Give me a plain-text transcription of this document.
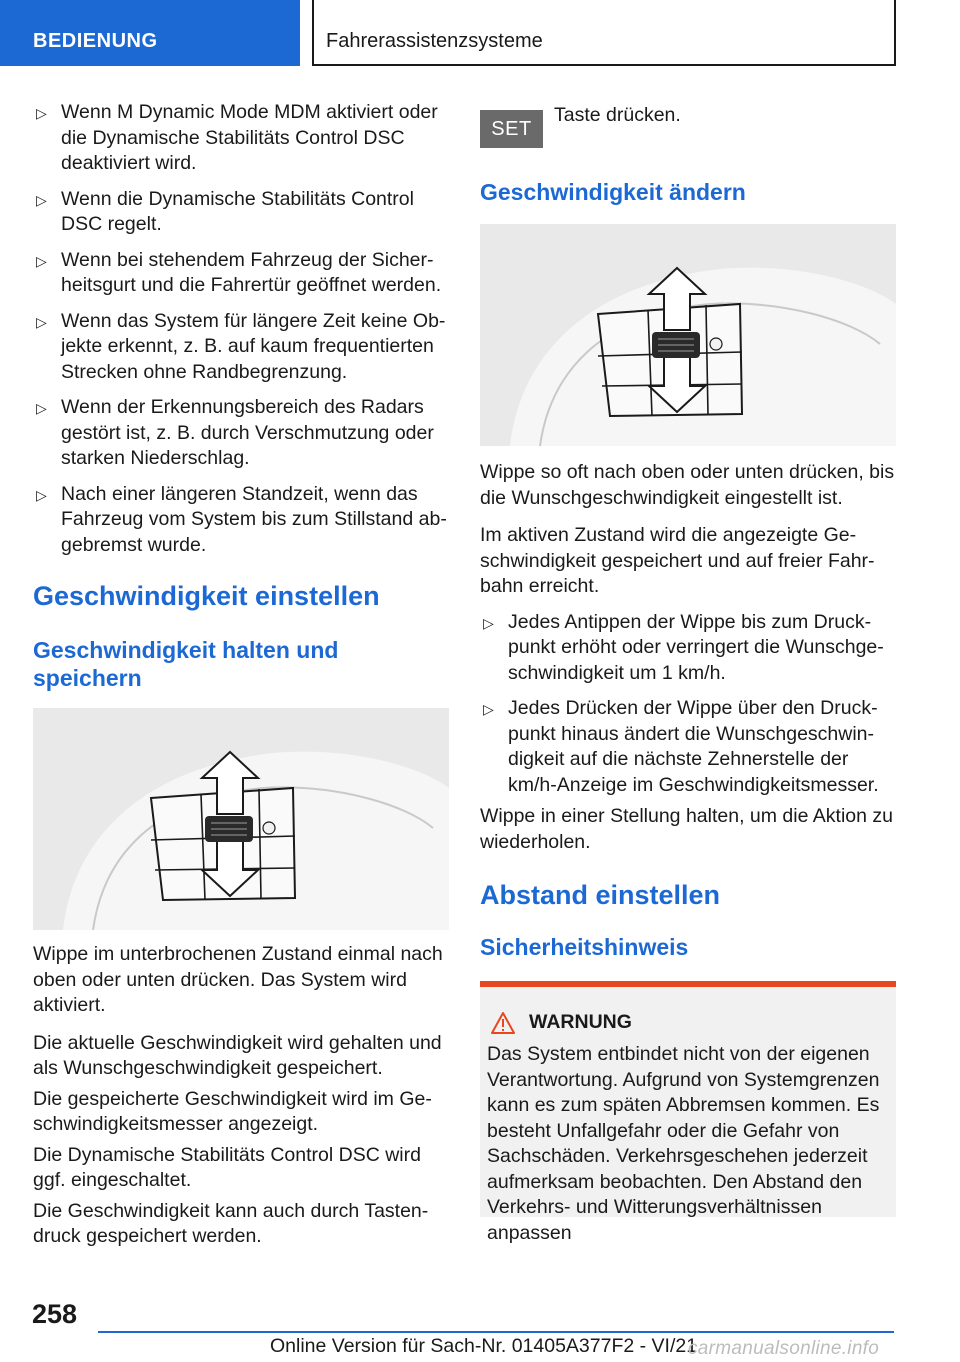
BEDIENUNG	Fahrerassistenzsysteme
▷ Wenn M Dynamic Mode MDM aktiviert oder die Dynamische Stabilitäts Control DSC deaktiviert wird.
▷ Wenn die Dynamische Stabilitäts Control DSC regelt.
▷ Wenn bei stehendem Fahrzeug der Sicherheitsgurt und die Fahrertür geöffnet werden.
▷ Wenn das System für längere Zeit keine Objekte erkennt, z. B. auf kaum frequentierten Strecken ohne Randbegrenzung.
▷ Wenn der Erkennungsbereich des Radars gestört ist, z. B. durch Verschmutzung oder starken Niederschlag.
▷ Nach einer längeren Standzeit, wenn das Fahrzeug vom System bis zum Stillstand abgebremst wurde.
Geschwindigkeit einstellen
Geschwindigkeit halten und speichern

Wippe im unterbrochenen Zustand einmal nach oben oder unten drücken. Das System wird aktiviert.

Die aktuelle Geschwindigkeit wird gehalten und als Wunschgeschwindigkeit gespeichert.

Die gespeicherte Geschwindigkeit wird im Geschwindigkeitsmesser angezeigt.

Die Dynamische Stabilitäts Control DSC wird ggf. eingeschaltet.

Die Geschwindigkeit kann auch durch Tastendruck gespeichert werden.

SET
Taste drücken.
Geschwindigkeit ändern

Wippe so oft nach oben oder unten drücken, bis die Wunschgeschwindigkeit eingestellt ist.

Im aktiven Zustand wird die angezeigte Geschwindigkeit gespeichert und auf freier Fahrbahn erreicht.

▷ Jedes Antippen der Wippe bis zum Druckpunkt erhöht oder verringert die Wunschgeschwindigkeit um 1 km/h.
▷ Jedes Drücken der Wippe über den Druckpunkt hinaus ändert die Wunschgeschwindigkeit auf die nächste Zehnerstelle der km/h-Anzeige im Geschwindigkeitsmesser.

Wippe in einer Stellung halten, um die Aktion zu wiederholen.

Abstand einstellen
Sicherheitshinweis
WARNUNG

Das System entbindet nicht von der eigenen Verantwortung. Aufgrund von Systemgrenzen kann es zum späten Abbremsen kommen. Es besteht Unfallgefahr oder die Gefahr von Sachschäden. Verkehrsgeschehen jederzeit aufmerksam beobachten. Den Abstand den Verkehrs- und Witterungsverhältnissen anpassen

258
Online Version für Sach-Nr. 01405A377F2 - VI/21
carmanualsonline.info
